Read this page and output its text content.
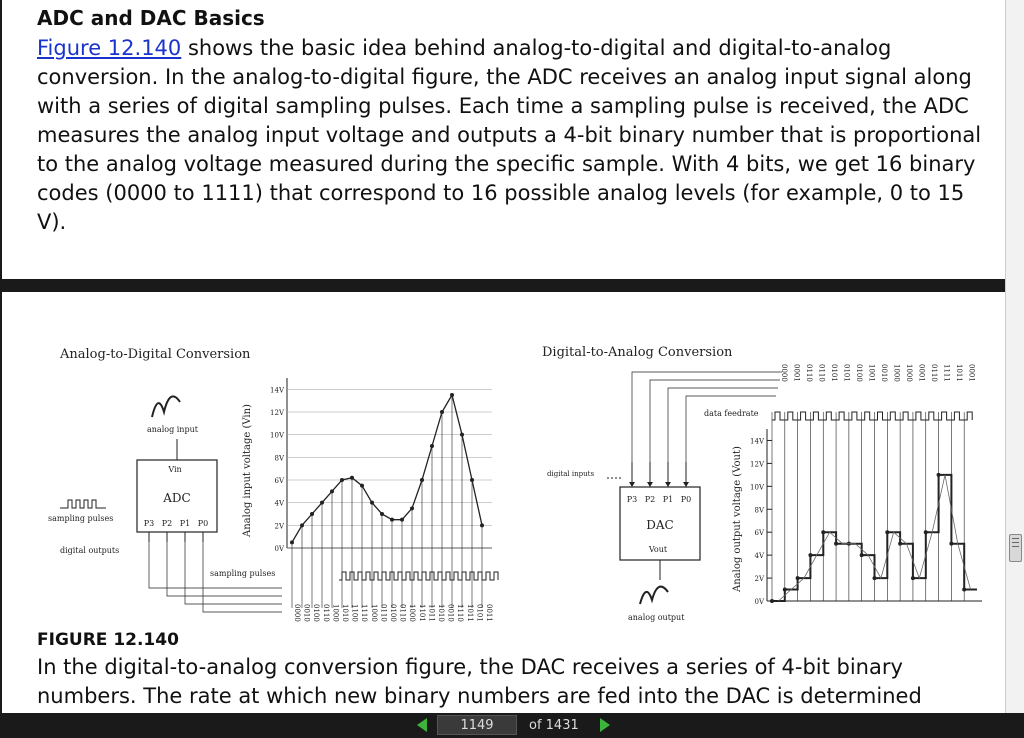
ADC and DAC Basics

Figure 12.140 shows the basic idea behind analog-to-digital and digital-to-analog conversion. In the analog-to-digital figure, the ADC receives an analog input signal along with a series of digital sampling pulses. Each time a sampling pulse is received, the ADC measures the analog input voltage and outputs a 4-bit binary number that is proportional to the analog voltage measured during the specific sample. With 4 bits, we get 16 binary codes (0000 to 1111) that correspond to 16 possible analog levels (for example, 0 to 15 V).

Analog-to-Digital Conversion
analog input
Vin
ADC
P3 P2 P1 P0
sampling pulses
digital outputs
Analog input voltage (Vin)
0V
2V
4V
6V
8V
10V
12V
14V
sampling pulses
0000 0010 0100 0110 1000 1010 1100 1110 1000 0110 0100 0110 1000 1101 1011 1010 0010 1110 1011 0101 0011
Digital-to-Analog Conversion
digital inputs
P3 P2 P1 P0
DAC
Vout
analog output
data feedrate
Analog output voltage (Vout)
0V
2V
4V
6V
8V
10V
12V
14V
0000 0001 0110 0110 0101 0101 0100 1001 0010 1000 1000 0001 0110 1111 1011 0001
FIGURE 12.140

In the digital-to-analog conversion figure, the DAC receives a series of 4-bit binary numbers. The rate at which new binary numbers are fed into the DAC is determined

1149
of 1431
